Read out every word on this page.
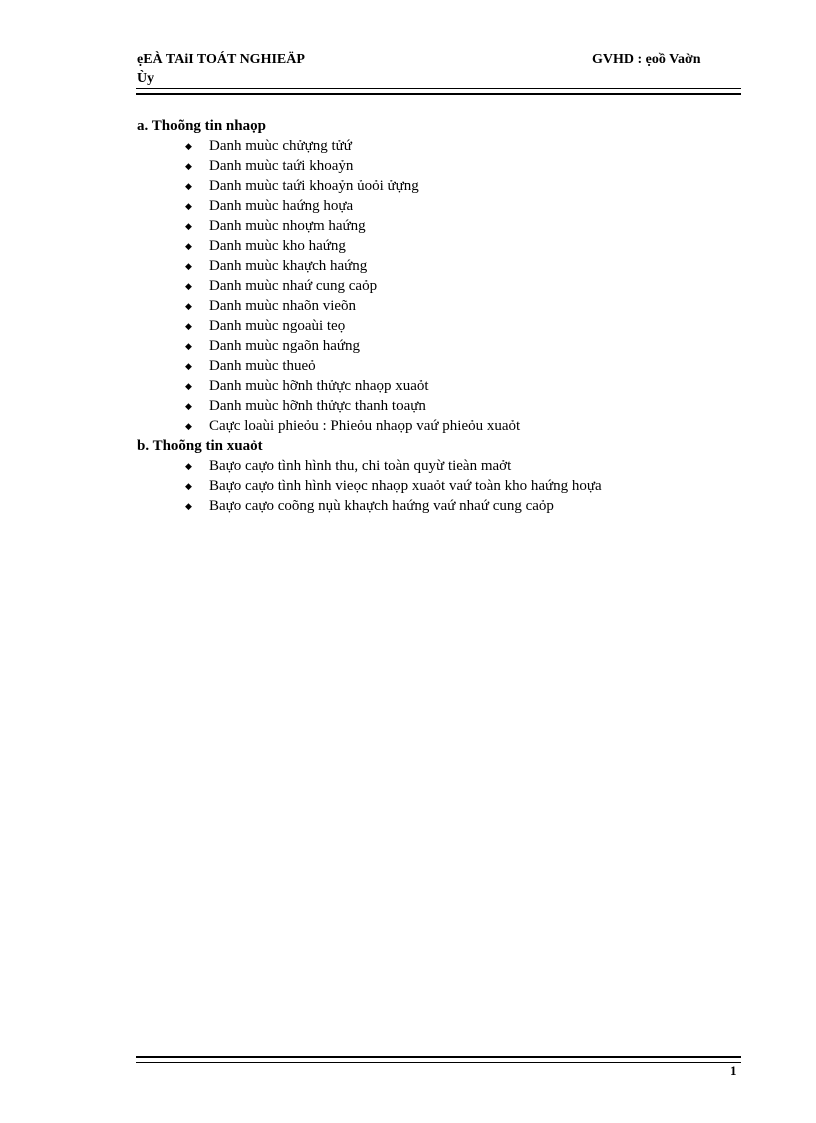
ẹEÀ TAiI TOÁT NGHIEÄP
Ùy
GVHD : ẹoồ Vaờn
a. Thoõng tin nhaọp
◆ Danh muùc chửựng tửứ
◆ Danh muùc taứi khoaỷn
◆ Danh muùc taứi khoaỷn ủoỏi ửựng
◆ Danh muùc haứng hoựa
◆ Danh muùc nhoựm haứng
◆ Danh muùc kho haứng
◆ Danh muùc khaựch haứng
◆ Danh muùc nhaứ cung caỏp
◆ Danh muùc nhaõn vieõn
◆ Danh muùc ngoaùi teọ
◆ Danh muùc ngaõn haứng
◆ Danh muùc thueỏ
◆ Danh muùc hỡnh thửực nhaọp xuaỏt
◆ Danh muùc hỡnh thửực thanh toaựn
◆ Caực loaùi phieỏu : Phieỏu nhaọp vaứ phieỏu xuaỏt
b. Thoõng tin xuaỏt
◆ Baựo caựo tình hình thu, chi toàn quyừ tieàn maởt
◆ Baựo caựo tình hình vieọc nhaọp xuaỏt vaứ toàn kho haứng hoựa
◆ Baựo caựo coõng nụù khaựch haứng vaứ nhaứ cung caỏp
1
